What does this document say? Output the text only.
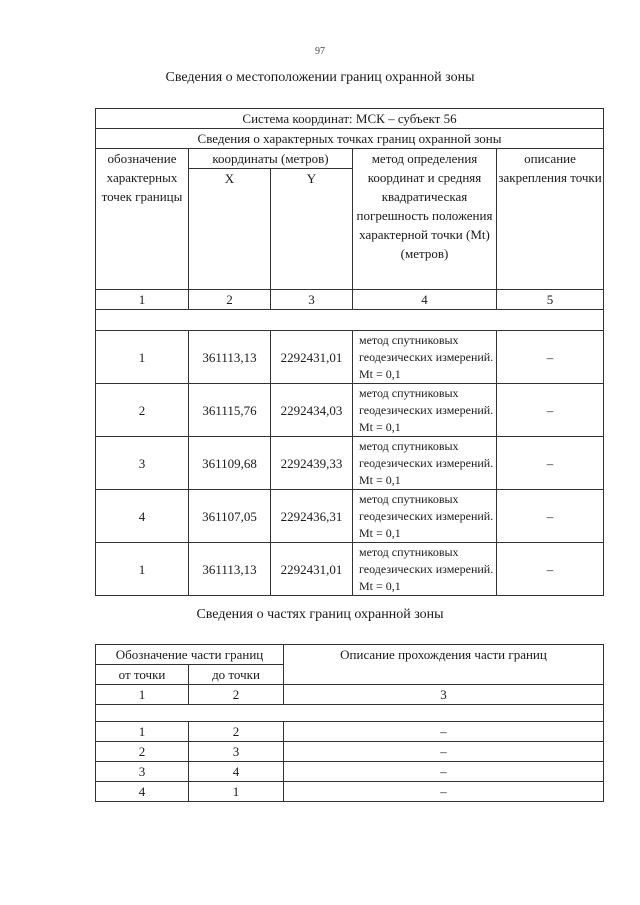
97
Сведения о местоположении границ охранной зоны
Система координат: МСК – субъект 56				
Сведения о характерных точках границ охранной зоны				
обозначение характерных точек границы	координаты (метров)		метод определения координат и средняя квадратическая погрешность положения характерной точки (Мt) (метров)	описание закрепления точки
	X	Y		
1	2	3	4	5

1	361113,13	2292431,01	метод спутниковых геодезических измерений. Mt = 0,1	–
2	361115,76	2292434,03	метод спутниковых геодезических измерений. Mt = 0,1	–
3	361109,68	2292439,33	метод спутниковых геодезических измерений. Mt = 0,1	–
4	361107,05	2292436,31	метод спутниковых геодезических измерений. Mt = 0,1	–
1	361113,13	2292431,01	метод спутниковых геодезических измерений. Mt = 0,1	–
Сведения о частях границ охранной зоны
Обозначение части границ		Описание прохождения части границ
от точки	до точки	
1	2	3

1	2	–
2	3	–
3	4	–
4	1	–
